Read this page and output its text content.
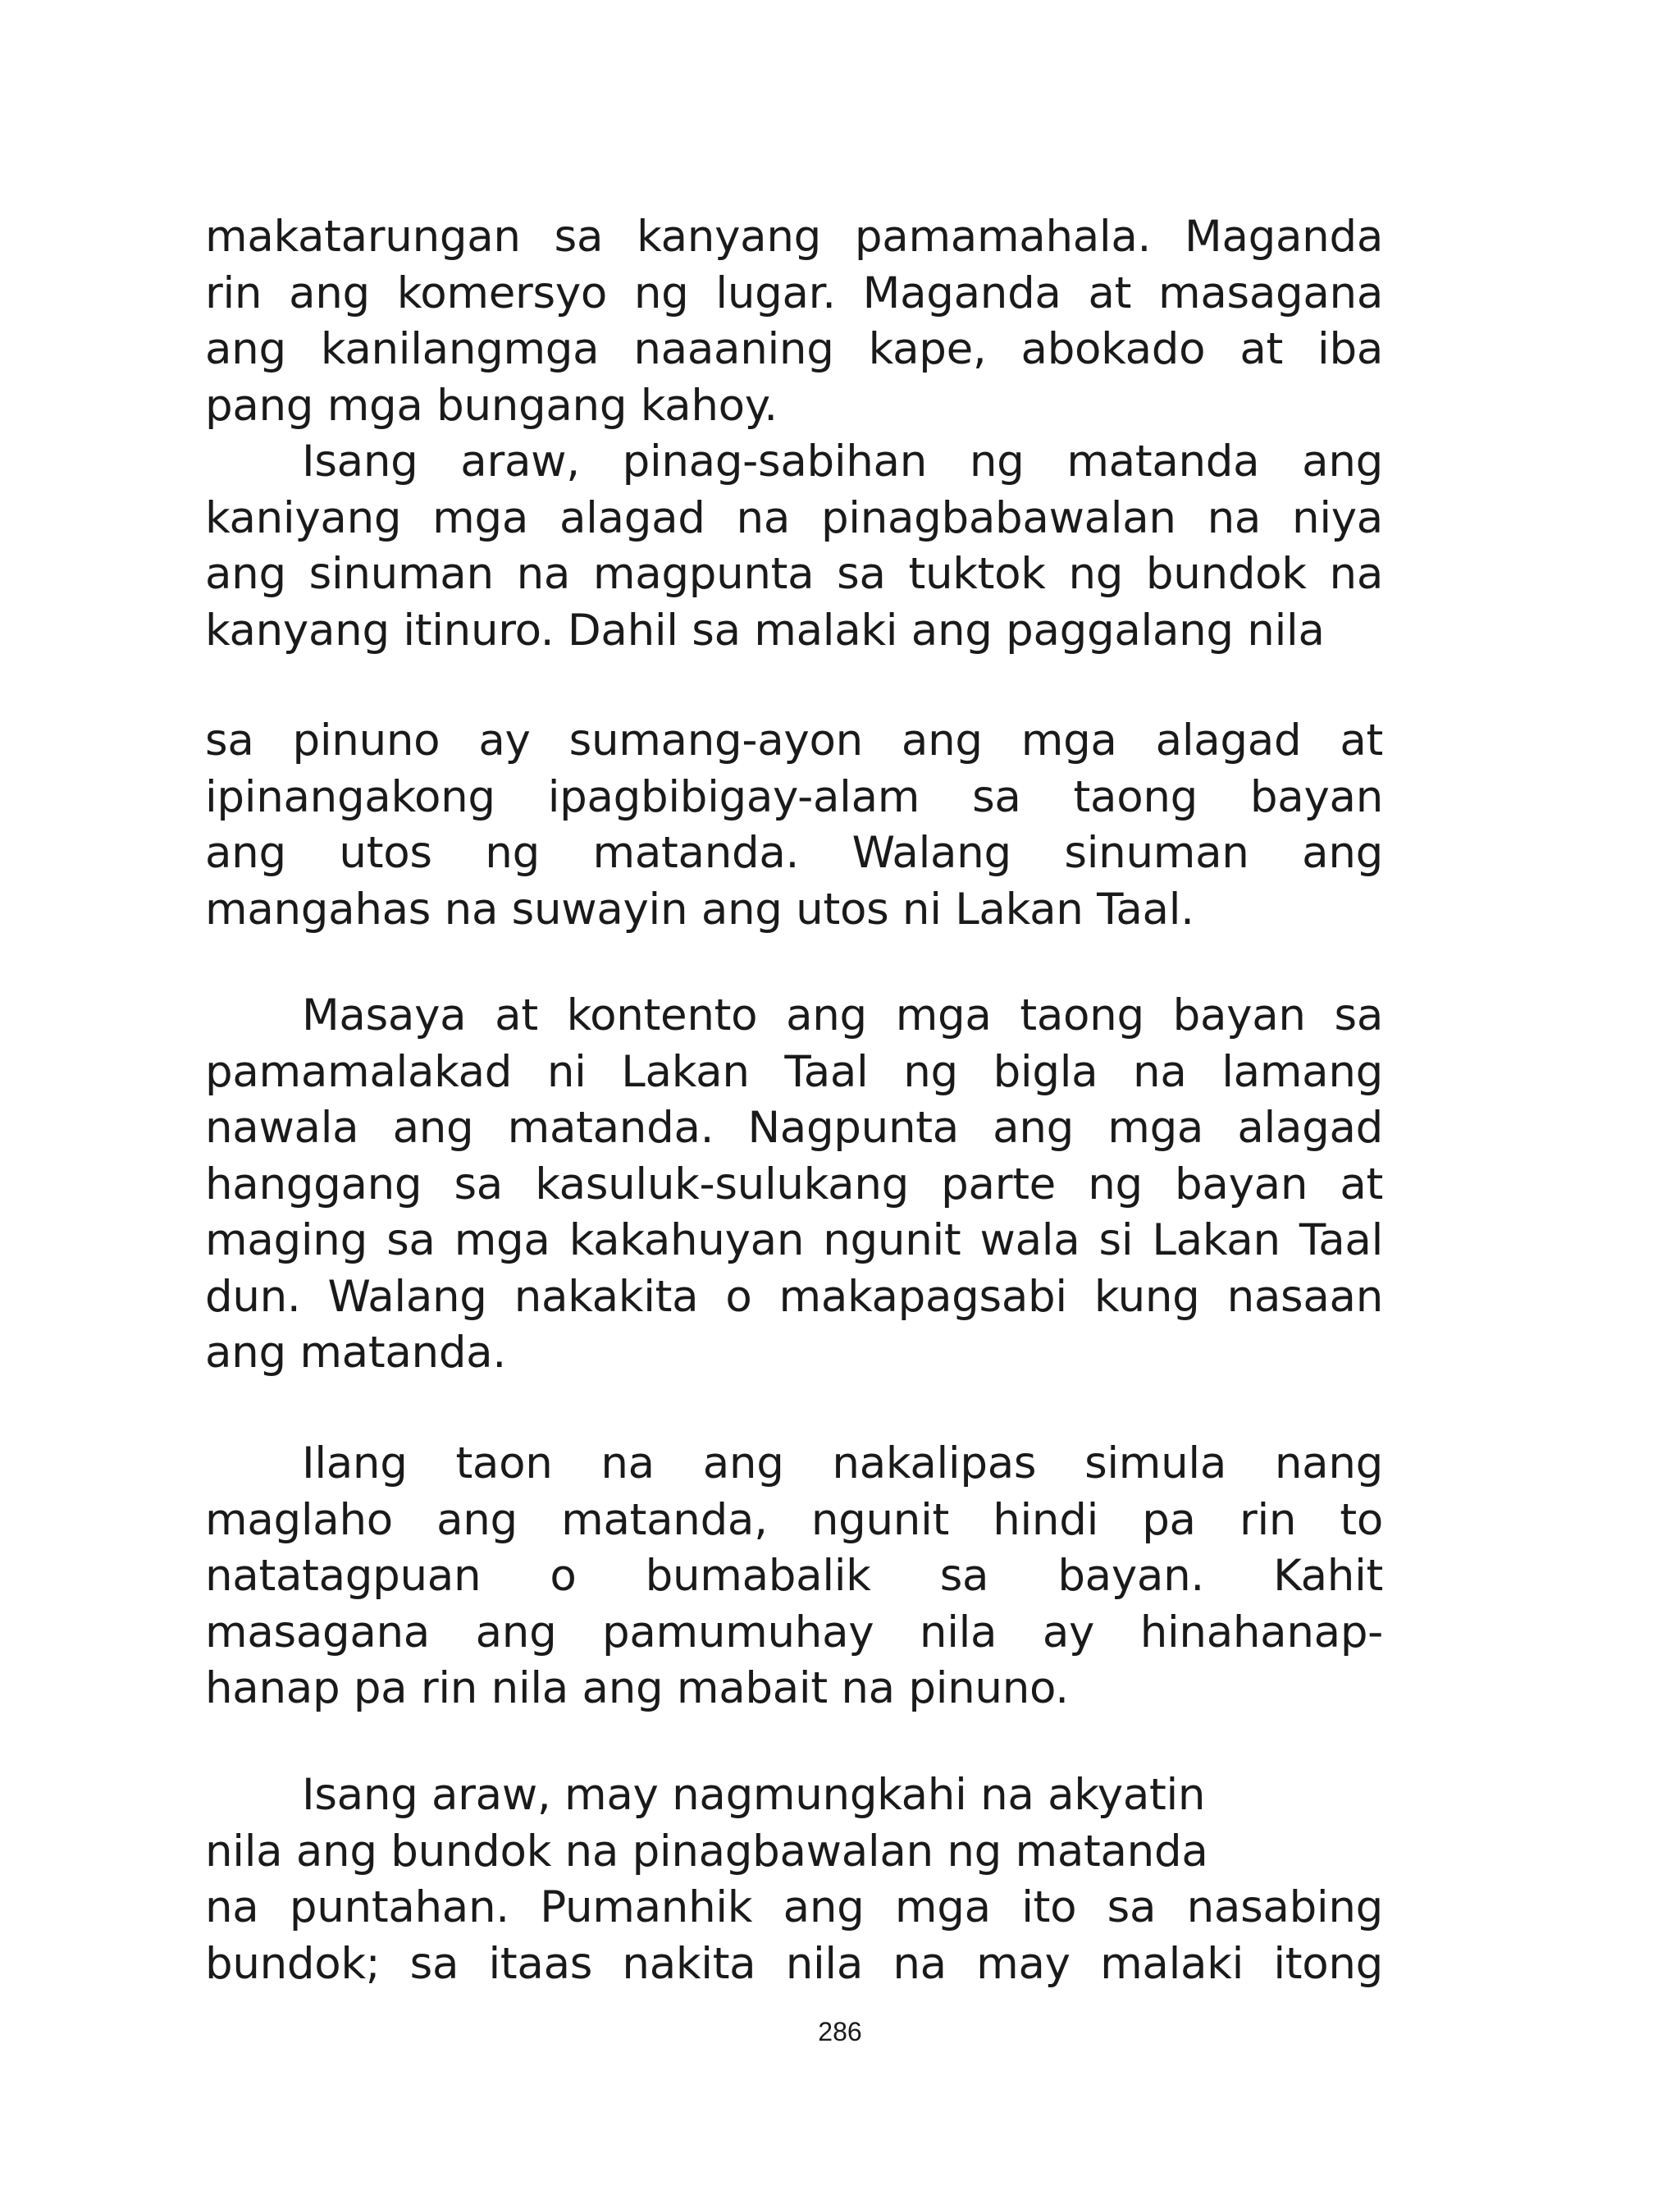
makatarungan sa kanyang pamamahala. Maganda
rin ang komersyo ng lugar. Maganda at masagana
ang kanilangmga naaaning kape, abokado at iba
pang mga bungang kahoy.
Isang araw, pinag-sabihan ng matanda ang
kaniyang mga alagad na pinagbabawalan na niya
ang sinuman na magpunta sa tuktok ng bundok na
kanyang itinuro. Dahil sa malaki ang paggalang nila
sa pinuno ay sumang-ayon ang mga alagad at
ipinangakong ipagbibigay-alam sa taong bayan
ang utos ng matanda. Walang sinuman ang
mangahas na suwayin ang utos ni Lakan Taal.
Masaya at kontento ang mga taong bayan sa
pamamalakad ni Lakan Taal ng bigla na lamang
nawala ang matanda. Nagpunta ang mga alagad
hanggang sa kasuluk-sulukang parte ng bayan at
maging sa mga kakahuyan ngunit wala si Lakan Taal
dun. Walang nakakita o makapagsabi kung nasaan
ang matanda.
Ilang taon na ang nakalipas simula nang
maglaho ang matanda, ngunit hindi pa rin to
natatagpuan o bumabalik sa bayan. Kahit
masagana ang pamumuhay nila ay hinahanap-
hanap pa rin nila ang mabait na pinuno.
Isang araw, may nagmungkahi na akyatin
nila ang bundok na pinagbawalan ng matanda
na puntahan. Pumanhik ang mga ito sa nasabing
bundok; sa itaas nakita nila na may malaki itong
286
